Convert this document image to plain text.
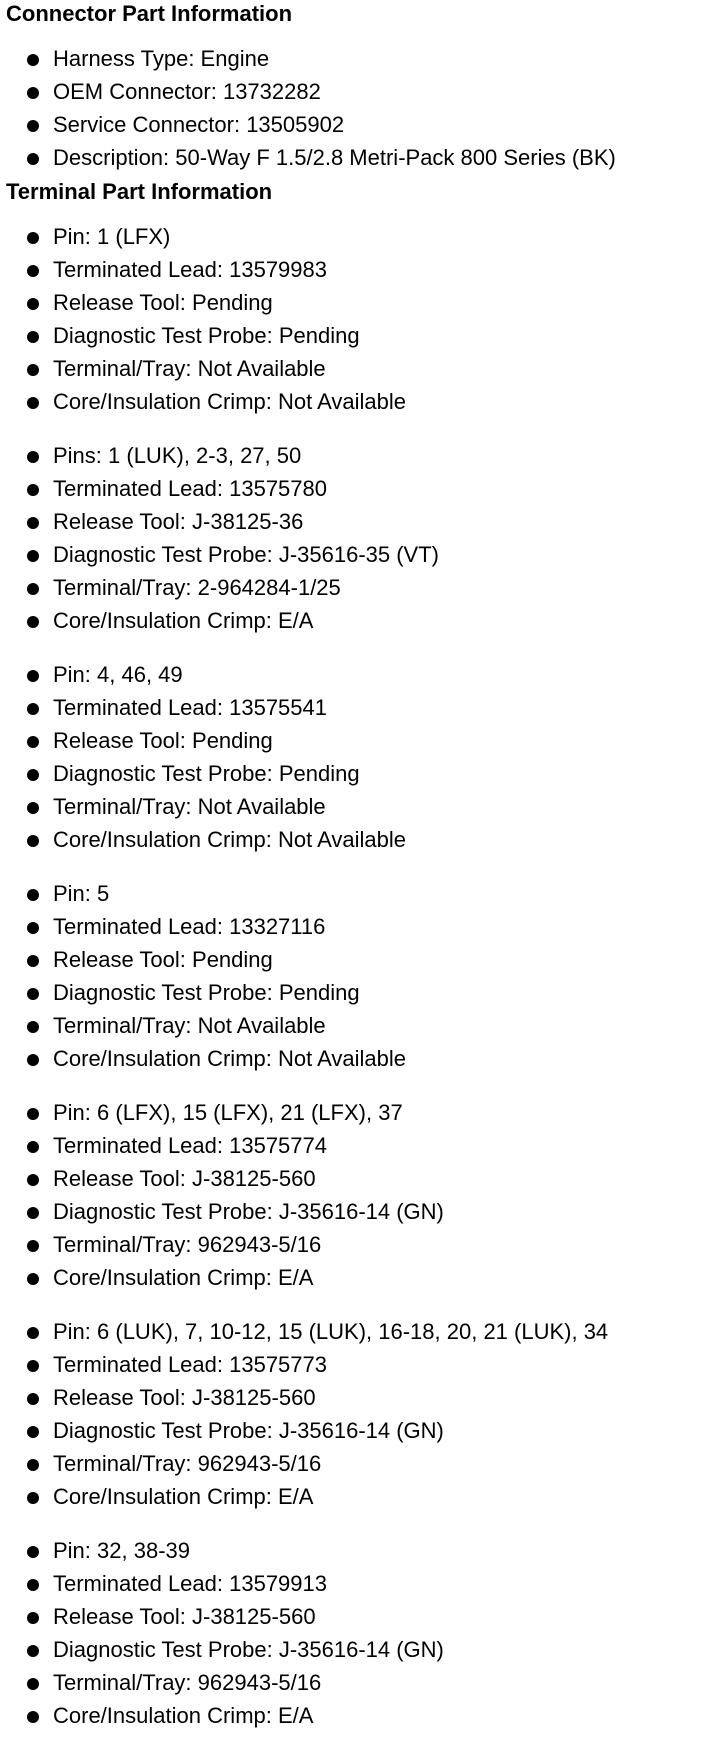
Connector Part Information
Harness Type: Engine
OEM Connector: 13732282
Service Connector: 13505902
Description: 50-Way F 1.5/2.8 Metri-Pack 800 Series (BK)
Terminal Part Information
Pin: 1 (LFX)
Terminated Lead: 13579983
Release Tool: Pending
Diagnostic Test Probe: Pending
Terminal/Tray: Not Available
Core/Insulation Crimp: Not Available
Pins: 1 (LUK), 2-3, 27, 50
Terminated Lead: 13575780
Release Tool: J-38125-36
Diagnostic Test Probe: J-35616-35 (VT)
Terminal/Tray: 2-964284-1/25
Core/Insulation Crimp: E/A
Pin: 4, 46, 49
Terminated Lead: 13575541
Release Tool: Pending
Diagnostic Test Probe: Pending
Terminal/Tray: Not Available
Core/Insulation Crimp: Not Available
Pin: 5
Terminated Lead: 13327116
Release Tool: Pending
Diagnostic Test Probe: Pending
Terminal/Tray: Not Available
Core/Insulation Crimp: Not Available
Pin: 6 (LFX), 15 (LFX), 21 (LFX), 37
Terminated Lead: 13575774
Release Tool: J-38125-560
Diagnostic Test Probe: J-35616-14 (GN)
Terminal/Tray: 962943-5/16
Core/Insulation Crimp: E/A
Pin: 6 (LUK), 7, 10-12, 15 (LUK), 16-18, 20, 21 (LUK), 34
Terminated Lead: 13575773
Release Tool: J-38125-560
Diagnostic Test Probe: J-35616-14 (GN)
Terminal/Tray: 962943-5/16
Core/Insulation Crimp: E/A
Pin: 32, 38-39
Terminated Lead: 13579913
Release Tool: J-38125-560
Diagnostic Test Probe: J-35616-14 (GN)
Terminal/Tray: 962943-5/16
Core/Insulation Crimp: E/A
